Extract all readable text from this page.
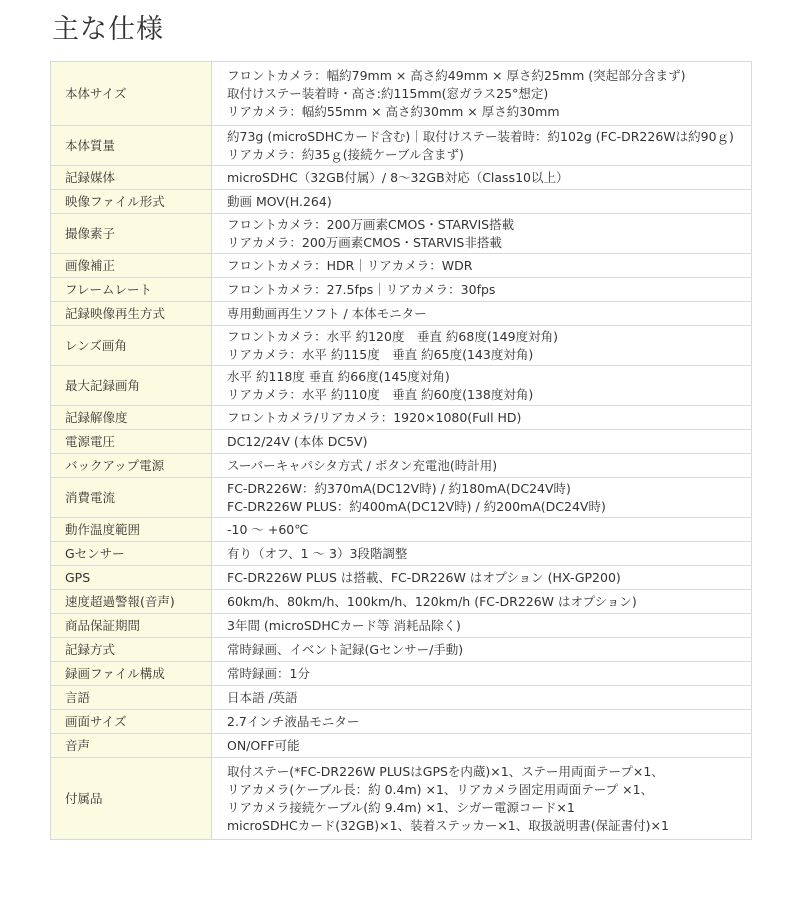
主な仕様
本体サイズ	フロントカメラ：幅約79mm × 高さ約49mm × 厚さ約25mm (突起部分含まず)
取付けステー装着時・高さ:約115mm(窓ガラス25°想定)
リアカメラ：幅約55mm × 高さ約30mm × 厚さ約30mm

本体質量	約73g (microSDHCカード含む)｜取付けステー装着時：約102g (FC-DR226Wは約90ｇ)
リアカメラ：約35ｇ(接続ケーブル含まず)

記録媒体	microSDHC（32GB付属）/ 8～32GB対応（Class10以上）

映像ファイル形式	動画 MOV(H.264)

撮像素子	フロントカメラ：200万画素CMOS・STARVIS搭載
リアカメラ：200万画素CMOS・STARVIS非搭載

画像補正	フロントカメラ：HDR｜リアカメラ：WDR

フレームレート	フロントカメラ：27.5fps｜リアカメラ：30fps

記録映像再生方式	専用動画再生ソフト / 本体モニター

レンズ画角	フロントカメラ：水平 約120度　垂直 約68度(149度対角)
リアカメラ：水平 約115度　垂直 約65度(143度対角)

最大記録画角	水平 約118度 垂直 約66度(145度対角)
リアカメラ：水平 約110度　垂直 約60度(138度対角)

記録解像度	フロントカメラ/リアカメラ：1920×1080(Full HD)

電源電圧	DC12/24V (本体 DC5V)

バックアップ電源	スーパーキャパシタ方式 / ボタン充電池(時計用)

消費電流	FC-DR226W：約370mA(DC12V時) / 約180mA(DC24V時)
FC-DR226W PLUS：約400mA(DC12V時) / 約200mA(DC24V時)

動作温度範囲	-10 ～ +60℃

Gセンサー	有り（オフ、1 ～ 3）3段階調整

GPS	FC-DR226W PLUS は搭載、FC-DR226W はオプション (HX-GP200)

速度超過警報(音声)	60km/h、80km/h、100km/h、120km/h (FC-DR226W はオプション)

商品保証期間	3年間 (microSDHCカード等 消耗品除く)

記録方式	常時録画、イベント記録(Gセンサー/手動)

録画ファイル構成	常時録画：1分

言語	日本語 /英語

画面サイズ	2.7インチ液晶モニター

音声	ON/OFF可能

付属品	取付ステー(*FC-DR226W PLUSはGPSを内蔵)×1、ステー用両面テープ×1、
リアカメラ(ケーブル長：約 0.4m) ×1、リアカメラ固定用両面テープ ×1、
リアカメラ接続ケーブル(約 9.4m) ×1、シガー電源コード×1
microSDHCカード(32GB)×1、装着ステッカー×1、取扱説明書(保証書付)×1
